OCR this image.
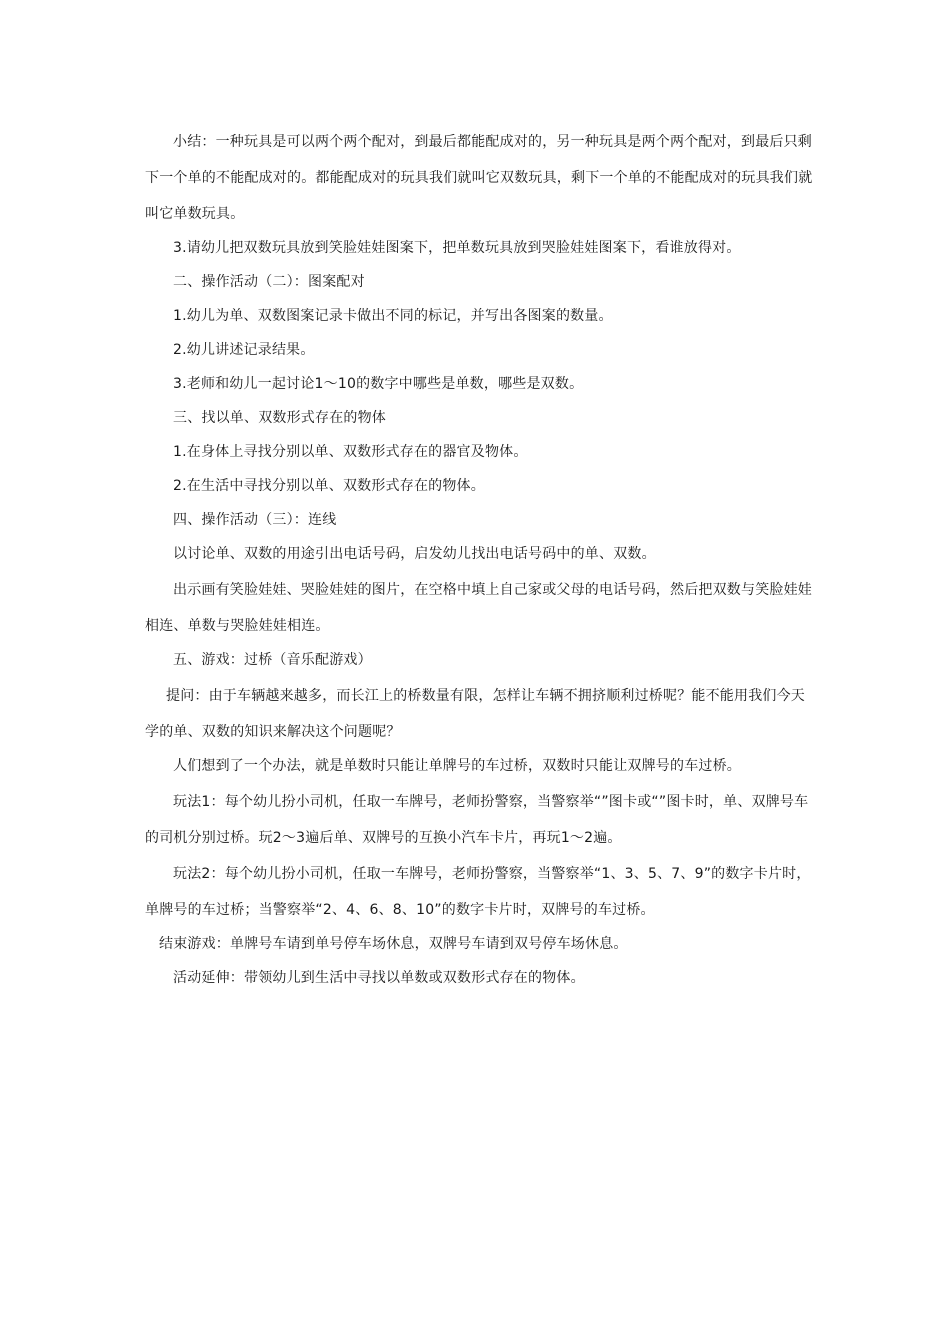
小结：一种玩具是可以两个两个配对，到最后都能配成对的，另一种玩具是两个两个配对，到最后只剩下一个单的不能配成对的。都能配成对的玩具我们就叫它双数玩具，剩下一个单的不能配成对的玩具我们就叫它单数玩具。

3.请幼儿把双数玩具放到笑脸娃娃图案下，把单数玩具放到哭脸娃娃图案下，看谁放得对。

二、操作活动（二）：图案配对

1.幼儿为单、双数图案记录卡做出不同的标记，并写出各图案的数量。

2.幼儿讲述记录结果。

3.老师和幼儿一起讨论1～10的数字中哪些是单数，哪些是双数。

三、找以单、双数形式存在的物体

1.在身体上寻找分别以单、双数形式存在的器官及物体。

2.在生活中寻找分别以单、双数形式存在的物体。

四、操作活动（三）：连线

以讨论单、双数的用途引出电话号码，启发幼儿找出电话号码中的单、双数。

出示画有笑脸娃娃、哭脸娃娃的图片，在空格中填上自己家或父母的电话号码，然后把双数与笑脸娃娃相连、单数与哭脸娃娃相连。

五、游戏：过桥（音乐配游戏）

提问：由于车辆越来越多，而长江上的桥数量有限，怎样让车辆不拥挤顺利过桥呢？能不能用我们今天学的单、双数的知识来解决这个问题呢？

人们想到了一个办法，就是单数时只能让单牌号的车过桥，双数时只能让双牌号的车过桥。

玩法1：每个幼儿扮小司机，任取一车牌号，老师扮警察，当警察举“”图卡或“”图卡时，单、双牌号车的司机分别过桥。玩2～3遍后单、双牌号的互换小汽车卡片，再玩1～2遍。

玩法2：每个幼儿扮小司机，任取一车牌号，老师扮警察，当警察举“1、3、5、7、9”的数字卡片时，单牌号的车过桥；当警察举“2、4、6、8、10”的数字卡片时，双牌号的车过桥。

结束游戏：单牌号车请到单号停车场休息，双牌号车请到双号停车场休息。

活动延伸：带领幼儿到生活中寻找以单数或双数形式存在的物体。
